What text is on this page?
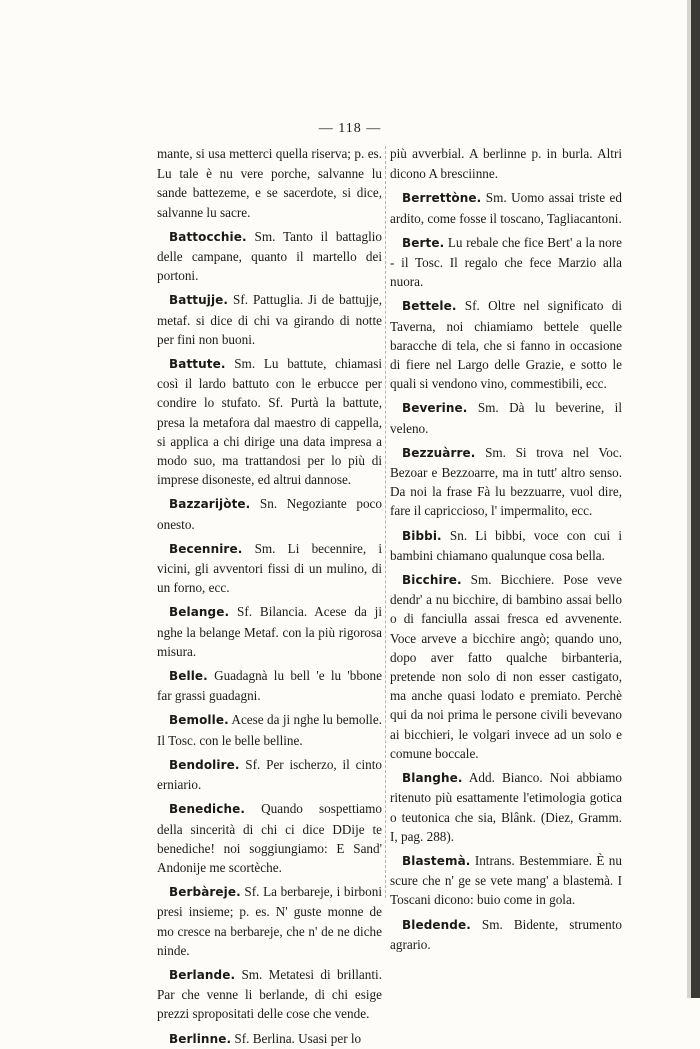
— 118 —

mante, si usa metterci quella riserva; p. es. Lu tale è nu vere porche, salvanne lu sande battezeme, e se sacerdote, si dice, salvanne lu sacre.

Battocchie. Sm. Tanto il battaglio delle campane, quanto il martello dei portoni.

Battujje. Sf. Pattuglia. Ji de battujje, metaf. si dice di chi va girando di notte per fini non buoni.

Battute. Sm. Lu battute, chiamasi così il lardo battuto con le erbucce per condire lo stufato. Sf. Purtà la battute, presa la metafora dal maestro di cappella, si applica a chi dirige una data impresa a modo suo, ma trattandosi per lo più di imprese disoneste, ed altrui dannose.

Bazzarijòte. Sn. Negoziante poco onesto.

Becennire. Sm. Li becennire, i vicini, gli avventori fissi di un mulino, di un forno, ecc.

Belange. Sf. Bilancia. Acese da ji nghe la belange Metaf. con la più rigorosa misura.

Belle. Guadagnà lu bell 'e lu 'bbone far grassi guadagni.

Bemolle. Acese da ji nghe lu bemolle. Il Tosc. con le belle belline.

Bendolire. Sf. Per ischerzo, il cinto erniario.

Benediche. Quando sospettiamo della sincerità di chi ci dice DDije te benediche! noi soggiungiamo: E Sand' Andonije me scortèche.

Berbàreje. Sf. La berbareje, i birboni presi insieme; p. es. N' guste monne de mo cresce na berbareje, che n' de ne diche ninde.

Berlande. Sm. Metatesi di brillanti. Par che venne li berlande, di chi esige prezzi spropositati delle cose che vende.

Berlinne. Sf. Berlina. Usasi per lo

più avverbial. A berlinne p. in burla. Altri dicono A bresciinne.

Berrettòne. Sm. Uomo assai triste ed ardito, come fosse il toscano, Tagliacantoni.

Berte. Lu rebale che fice Bert' a la nore - il Tosc. Il regalo che fece Marzio alla nuora.

Bettele. Sf. Oltre nel significato di Taverna, noi chiamiamo bettele quelle baracche di tela, che si fanno in occasione di fiere nel Largo delle Grazie, e sotto le quali si vendono vino, commestibili, ecc.

Beverine. Sm. Dà lu beverine, il veleno.

Bezzuàrre. Sm. Si trova nel Voc. Bezoar e Bezzoarre, ma in tutt' altro senso. Da noi la frase Fà lu bezzuarre, vuol dire, fare il capriccioso, l' impermalito, ecc.

Bibbi. Sn. Li bibbi, voce con cui i bambini chiamano qualunque cosa bella.

Bicchire. Sm. Bicchiere. Pose veve dendr' a nu bicchire, di bambino assai bello o di fanciulla assai fresca ed avvenente. Voce arveve a bicchire angò; quando uno, dopo aver fatto qualche birbanteria, pretende non solo di non esser castigato, ma anche quasi lodato e premiato. Perchè qui da noi prima le persone civili bevevano ai bicchieri, le volgari invece ad un solo e comune boccale.

Blanghe. Add. Bianco. Noi abbiamo ritenuto più esattamente l'etimologia gotica o teutonica che sia, Blânk. (Diez, Gramm. I, pag. 288).

Blastemà. Intrans. Bestemmiare. È nu scure che n' ge se vete mang' a blastemà. I Toscani dicono: buio come in gola.

Bledende. Sm. Bidente, strumento agrario.
